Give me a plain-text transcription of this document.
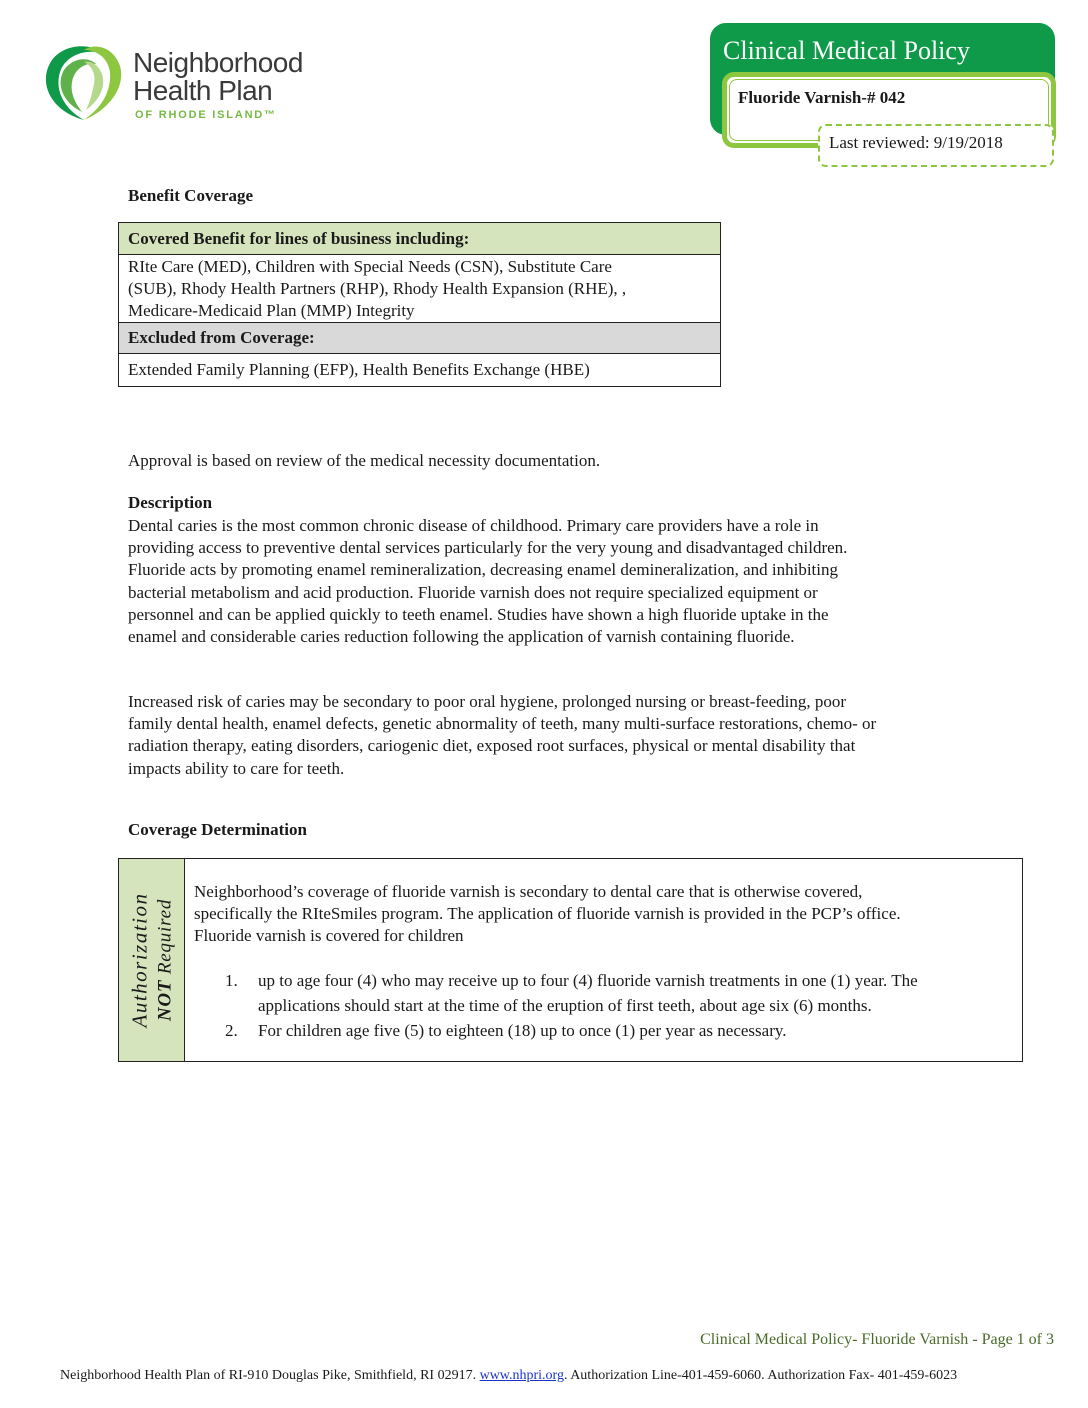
Neighborhood
Health Plan
OF RHODE ISLAND™
Clinical Medical Policy
Fluoride Varnish-# 042
Last reviewed: 9/19/2018
Benefit Coverage
Covered Benefit for lines of business including:

RIte Care (MED), Children with Special Needs (CSN), Substitute Care
(SUB), Rhody Health Partners (RHP), Rhody Health Expansion (RHE), ,
Medicare-Medicaid Plan (MMP) Integrity

Excluded from Coverage:
Extended Family Planning (EFP), Health Benefits Exchange (HBE)
Approval is based on review of the medical necessity documentation.
Description
Dental caries is the most common chronic disease of childhood. Primary care providers have a role in
providing access to preventive dental services particularly for the very young and disadvantaged children.
Fluoride acts by promoting enamel remineralization, decreasing enamel demineralization, and inhibiting
bacterial metabolism and acid production. Fluoride varnish does not require specialized equipment or
personnel and can be applied quickly to teeth enamel. Studies have shown a high fluoride uptake in the
enamel and considerable caries reduction following the application of varnish containing fluoride.
Increased risk of caries may be secondary to poor oral hygiene, prolonged nursing or breast-feeding, poor
family dental health, enamel defects, genetic abnormality of teeth, many multi-surface restorations, chemo- or
radiation therapy, eating disorders, cariogenic diet, exposed root surfaces, physical or mental disability that
impacts ability to care for teeth.
Coverage Determination
Authorization NOT Required
Neighborhood’s coverage of fluoride varnish is secondary to dental care that is otherwise covered,
specifically the RIteSmiles program. The application of fluoride varnish is provided in the PCP’s office.
Fluoride varnish is covered for children
1. up to age four (4) who may receive up to four (4) fluoride varnish treatments in one (1) year. The
applications should start at the time of the eruption of first teeth, about age six (6) months.
2. For children age five (5) to eighteen (18) up to once (1) per year as necessary.
Clinical Medical Policy- Fluoride Varnish - Page 1 of 3
Neighborhood Health Plan of RI-910 Douglas Pike, Smithfield, RI 02917. www.nhpri.org. Authorization Line-401-459-6060. Authorization Fax- 401-459-6023
